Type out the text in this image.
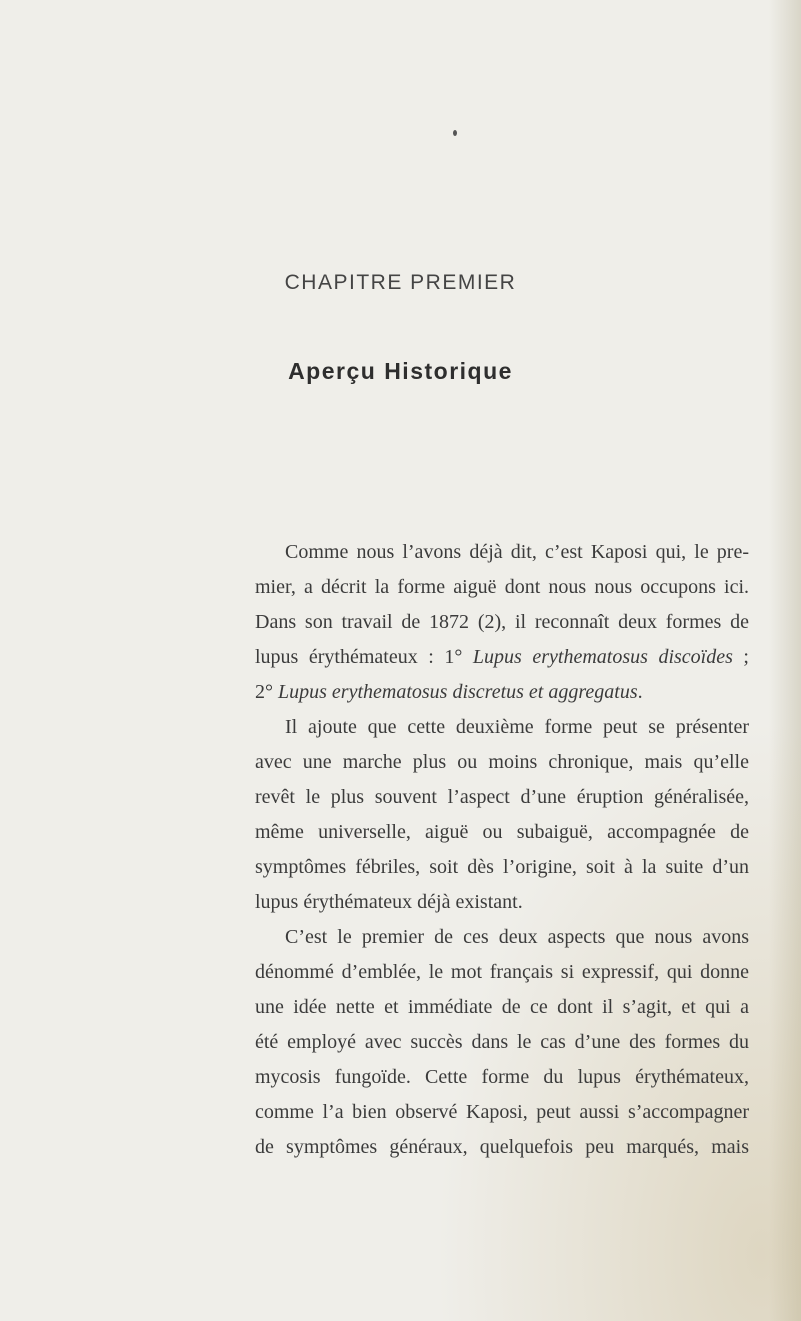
CHAPITRE PREMIER
Aperçu Historique
Comme nous l’avons déjà dit, c’est Kaposi qui, le pre-
mier, a décrit la forme aiguë dont nous nous occupons ici.
Dans son travail de 1872 (2), il reconnaît deux formes de
lupus érythémateux : 1° Lupus erythematosus discoïdes ;
2° Lupus erythematosus discretus et aggregatus.
Il ajoute que cette deuxième forme peut se présenter
avec une marche plus ou moins chronique, mais qu’elle
revêt le plus souvent l’aspect d’une éruption généralisée,
même universelle, aiguë ou subaiguë, accompagnée de
symptômes fébriles, soit dès l’origine, soit à la suite d’un
lupus érythémateux déjà existant.
C’est le premier de ces deux aspects que nous avons
dénommé d’emblée, le mot français si expressif, qui donne
une idée nette et immédiate de ce dont il s’agit, et qui a
été employé avec succès dans le cas d’une des formes du
mycosis fungoïde. Cette forme du lupus érythémateux,
comme l’a bien observé Kaposi, peut aussi s’accompagner
de symptômes généraux, quelquefois peu marqués, mais
